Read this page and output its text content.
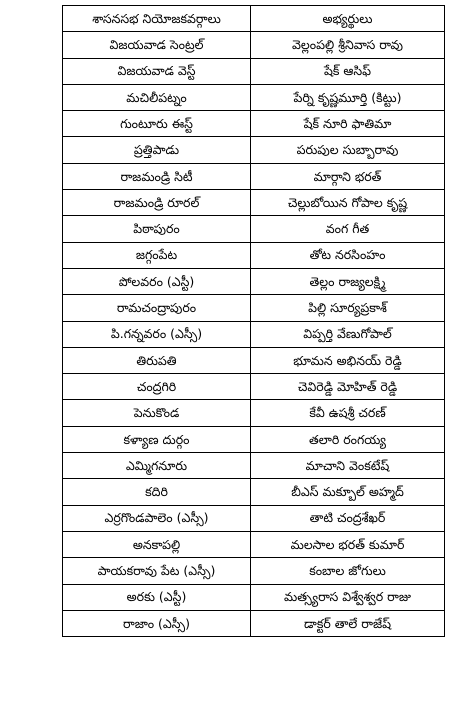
శాసనసభ నియోజకవర్గాలు	అభ్యర్థులు
విజయవాడ సెంట్రల్	వెల్లంపల్లి శ్రీనివాస రావు
విజయవాడ వెస్ట్	షేక్ ఆసిఫ్
మచిలీపట్నం	పేర్ని కృష్ణమూర్తి (కిట్టు)
గుంటూరు ఈస్ట్	షేక్ నూరి ఫాతిమా
ప్రత్తిపాడు	పరుపుల సుబ్బారావు
రాజమండ్రి సిటీ	మార్గాని భరత్
రాజమండ్రి రూరల్	చెల్లుబోయిన గోపాల కృష్ణ
పిఠాపురం	వంగ గీత
జగ్గంపేట	తోట నరసింహం
పోలవరం (ఎస్టీ)	తెల్లం రాజ్యలక్ష్మి
రామచంద్రాపురం	పిల్లి సూర్యప్రకాశ్
పి.గన్నవరం (ఎస్సీ)	విప్పర్తి వేణుగోపాల్
తిరుపతి	భూమన అభినయ్ రెడ్డి
చంద్రగిరి	చెవిరెడ్డి మోహిత్ రెడ్డి
పెనుకొండ	కేవీ ఉషశ్రీ చరణ్
కళ్యాణ దుర్గం	తలారి రంగయ్య
ఎమ్మిగనూరు	మాచాని వెంకటేష్
కదిరి	బీఎస్ మక్బూల్ అహ్మద్
ఎర్రగొండపాలెం (ఎస్సీ)	తాటి చంద్రశేఖర్
అనకాపల్లి	మలసాల భరత్ కుమార్
పాయకరావు పేట (ఎస్సీ)	కంబాల జోగులు
అరకు (ఎస్టీ)	మత్స్యరాస విశ్వేశ్వర రాజు
రాజాం (ఎస్సీ)	డాక్టర్ తాలే రాజేష్
